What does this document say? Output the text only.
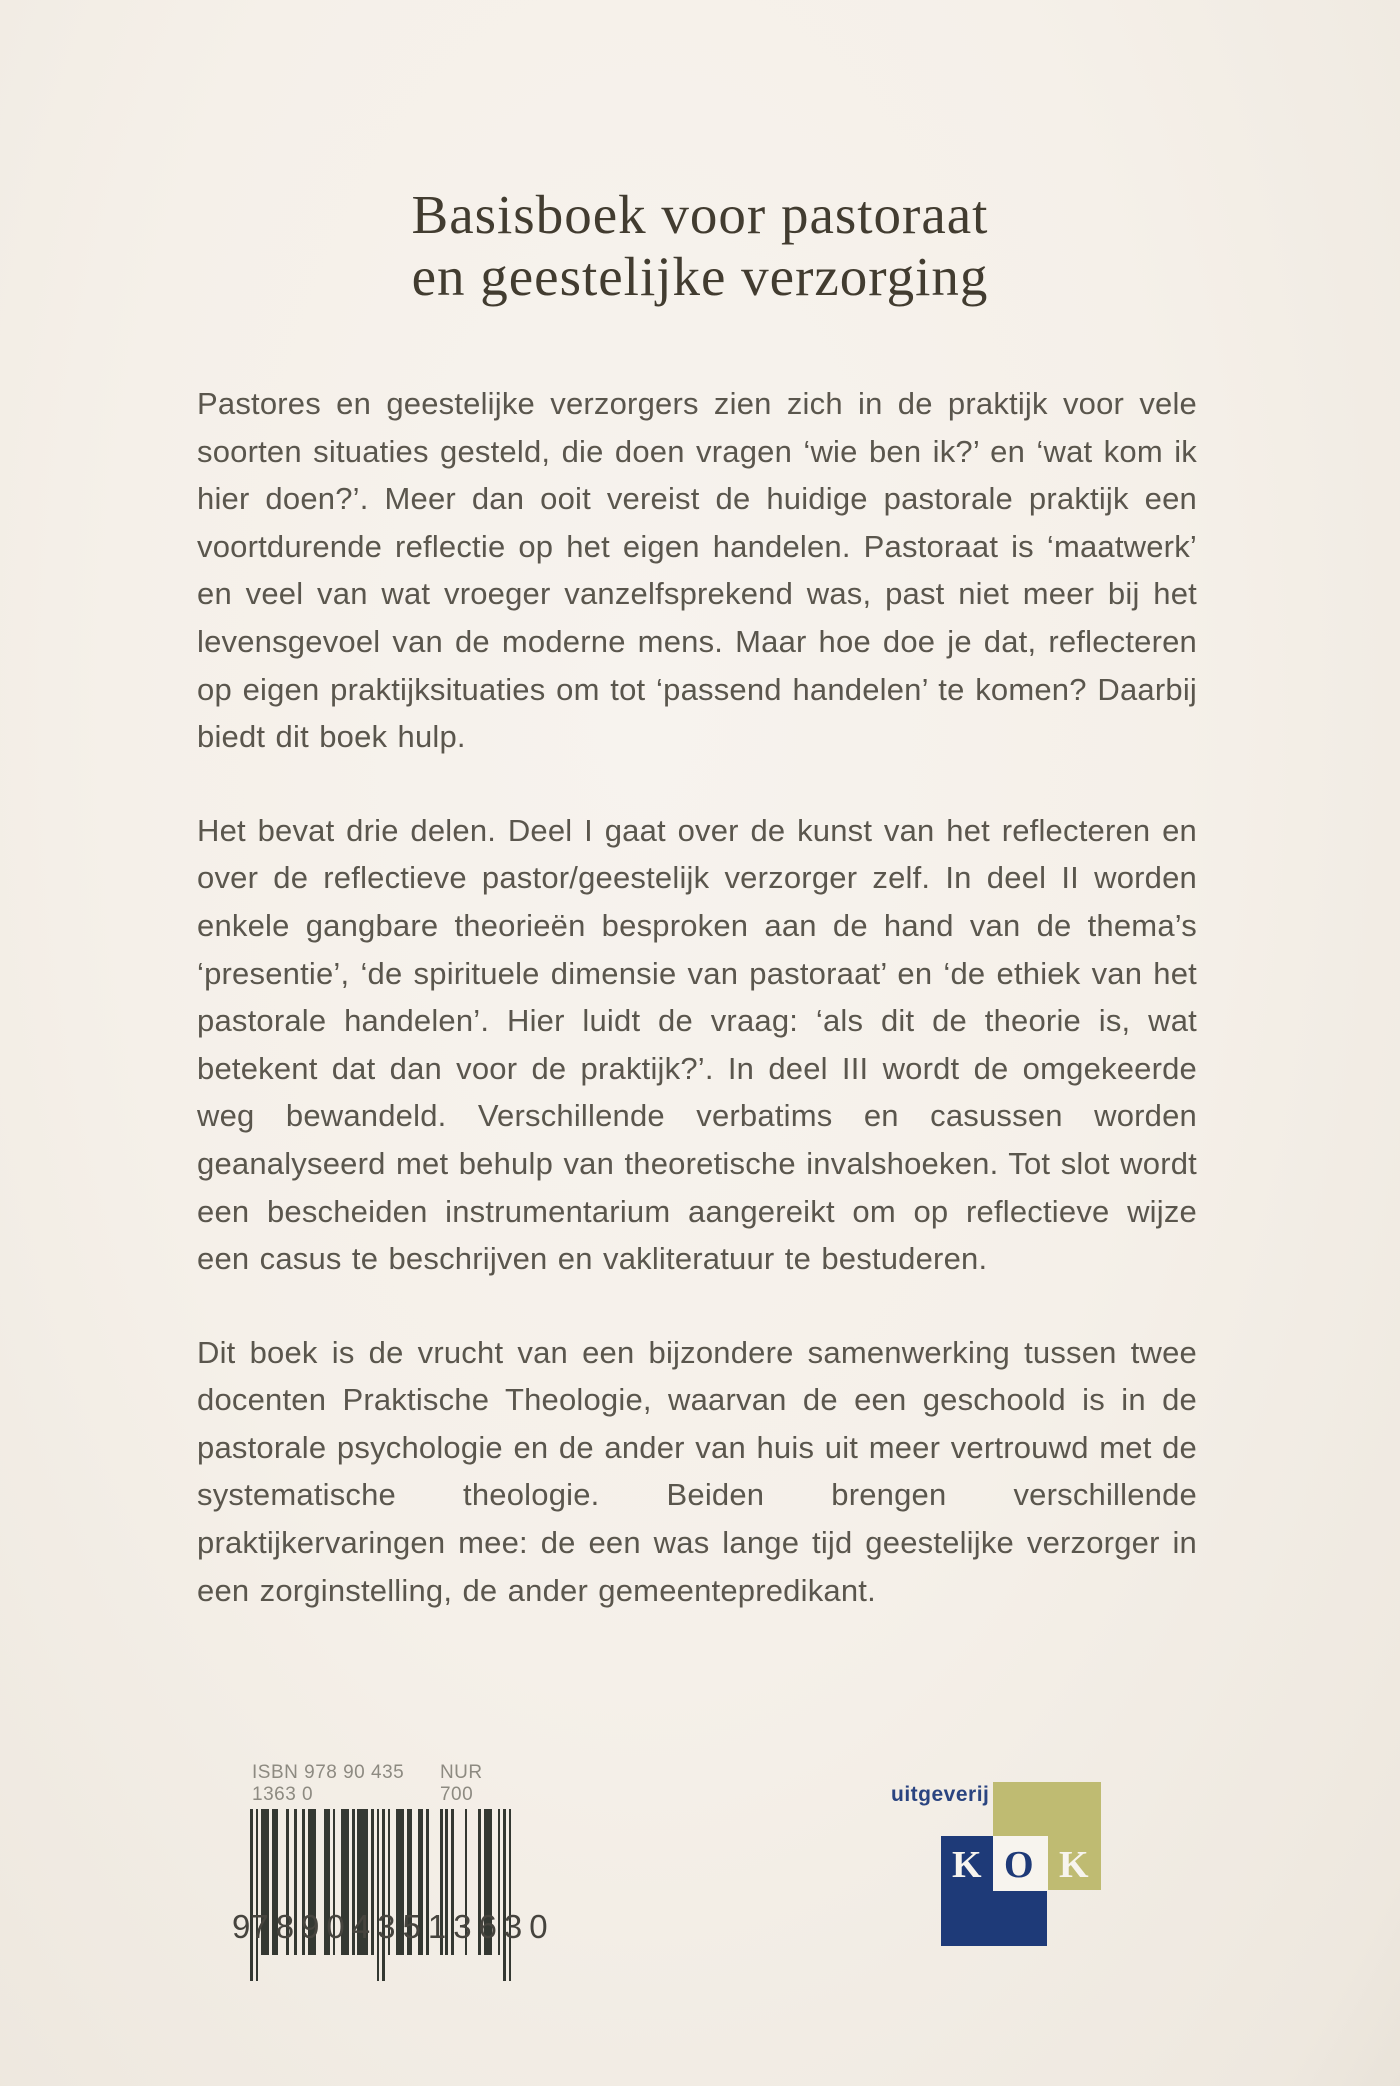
Basisboek voor pastoraat
en geestelijke verzorging

Pastores en geestelijke verzorgers zien zich in de praktijk voor vele soorten situaties gesteld, die doen vragen ‘wie ben ik?’ en ‘wat kom ik hier doen?’. Meer dan ooit vereist de huidige pastorale praktijk een voortdurende reflectie op het eigen handelen. Pastoraat is ‘maatwerk’ en veel van wat vroeger vanzelfsprekend was, past niet meer bij het levensgevoel van de moderne mens. Maar hoe doe je dat, reflecteren op eigen praktijksituaties om tot ‘passend handelen’ te komen? Daarbij biedt dit boek hulp.

Het bevat drie delen. Deel I gaat over de kunst van het reflecteren en over de reflectieve pastor/geestelijk verzorger zelf. In deel II worden enkele gangbare theorieën besproken aan de hand van de thema’s ‘presentie’, ‘de spirituele dimensie van pastoraat’ en ‘de ethiek van het pastorale handelen’. Hier luidt de vraag: ‘als dit de theorie is, wat betekent dat dan voor de praktijk?’. In deel III wordt de omgekeerde weg bewandeld. Verschillende verbatims en casussen worden geanalyseerd met behulp van theoretische invalshoeken. Tot slot wordt een bescheiden instrumentarium aangereikt om op reflectieve wijze een casus te beschrijven en vakliteratuur te bestuderen.

Dit boek is de vrucht van een bijzondere samenwerking tussen twee docenten Praktische Theologie, waarvan de een geschoold is in de pastorale psychologie en de ander van huis uit meer vertrouwd met de systematische theologie. Beiden brengen verschillende praktijkervaringen mee: de een was lange tijd geestelijke verzorger in een zorginstelling, de ander gemeentepredikant.

ISBN 978 90 435 1363 0
NUR 700
9 789043 513630
uitgeverij
K O K
